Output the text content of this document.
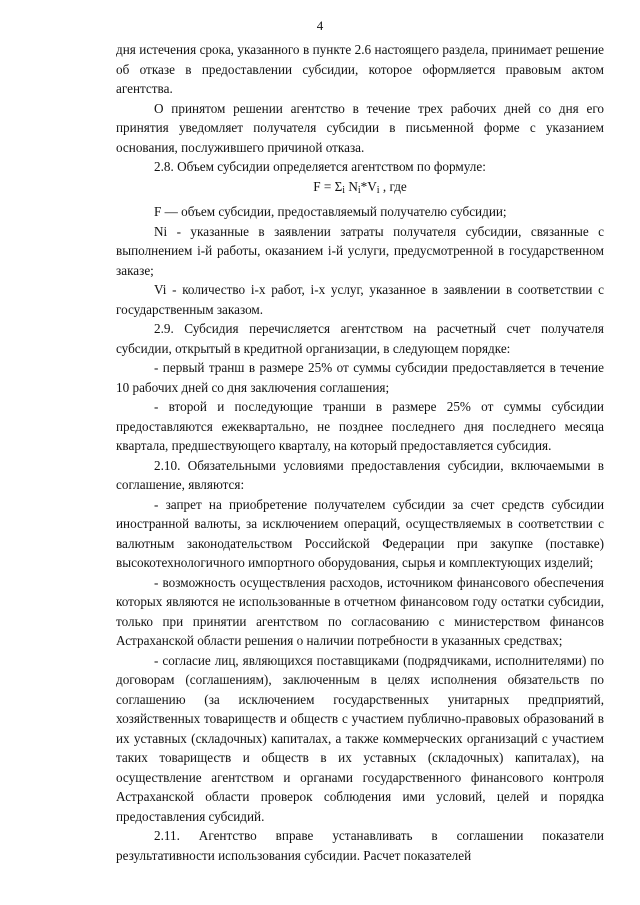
4

дня истечения срока, указанного в пункте 2.6 настоящего раздела, принимает решение об отказе в предоставлении субсидии, которое оформляется правовым актом агентства.

О принятом решении агентство в течение трех рабочих дней со дня его принятия уведомляет получателя субсидии в письменной форме с указанием основания, послужившего причиной отказа.

2.8. Объем субсидии определяется агентством по формуле:

$F = \Sigma_i$ $N_i*V_i$ , где

F — объем субсидии, предоставляемый получателю субсидии;

Ni - указанные в заявлении затраты получателя субсидии, связанные с выполнением i-й работы, оказанием i-й услуги, предусмотренной в государственном заказе;

Vi - количество i-х работ, i-х услуг, указанное в заявлении в соответствии с государственным заказом.

2.9. Субсидия перечисляется агентством на расчетный счет получателя субсидии, открытый в кредитной организации, в следующем порядке:

- первый транш в размере 25% от суммы субсидии предоставляется в течение 10 рабочих дней со дня заключения соглашения;

- второй и последующие транши в размере 25% от суммы субсидии предоставляются ежеквартально, не позднее последнего дня последнего месяца квартала, предшествующего кварталу, на который предоставляется субсидия.

2.10. Обязательными условиями предоставления субсидии, включаемыми в соглашение, являются:

- запрет на приобретение получателем субсидии за счет средств субсидии иностранной валюты, за исключением операций, осуществляемых в соответствии с валютным законодательством Российской Федерации при закупке (поставке) высокотехнологичного импортного оборудования, сырья и комплектующих изделий;

- возможность осуществления расходов, источником финансового обеспечения которых являются не использованные в отчетном финансовом году остатки субсидии, только при принятии агентством по согласованию с министерством финансов Астраханской области решения о наличии потребности в указанных средствах;

- согласие лиц, являющихся поставщиками (подрядчиками, исполнителями) по договорам (соглашениям), заключенным в целях исполнения обязательств по соглашению (за исключением государственных унитарных предприятий, хозяйственных товариществ и обществ с участием публично-правовых образований в их уставных (складочных) капиталах, а также коммерческих организаций с участием таких товариществ и обществ в их уставных (складочных) капиталах), на осуществление агентством и органами государственного финансового контроля Астраханской области проверок соблюдения ими условий, целей и порядка предоставления субсидий.

2.11. Агентство вправе устанавливать в соглашении показатели результативности использования субсидии. Расчет показателей
